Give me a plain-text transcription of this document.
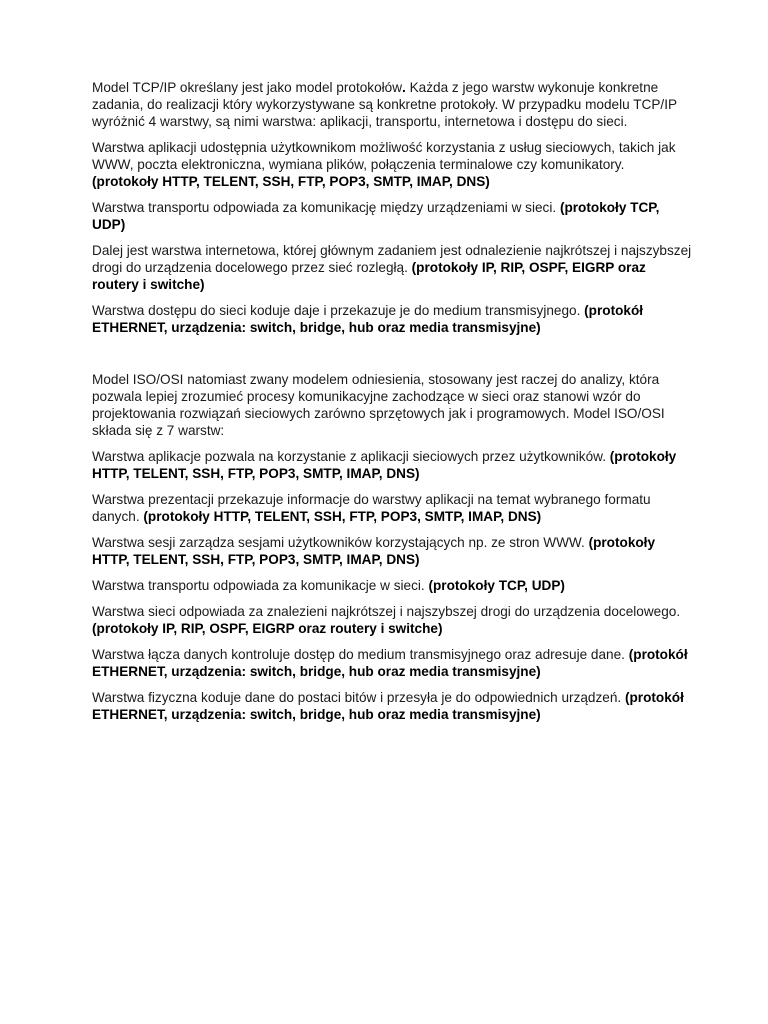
Model TCP/IP określany jest jako model protokołów. Każda z jego warstw wykonuje konkretne zadania, do realizacji który wykorzystywane są konkretne protokoły. W przypadku modelu TCP/IP wyróżnić 4 warstwy, są nimi warstwa: aplikacji, transportu, internetowa i dostępu do sieci.

Warstwa aplikacji udostępnia użytkownikom możliwość korzystania z usług sieciowych, takich jak WWW, poczta elektroniczna, wymiana plików, połączenia terminalowe czy komunikatory. (protokoły HTTP, TELENT, SSH, FTP, POP3, SMTP, IMAP, DNS)

Warstwa transportu odpowiada za komunikację między urządzeniami w sieci. (protokoły TCP, UDP)

Dalej jest warstwa internetowa, której głównym zadaniem jest odnalezienie najkrótszej i najszybszej drogi do urządzenia docelowego przez sieć rozległą. (protokoły IP, RIP, OSPF, EIGRP oraz routery i switche)

Warstwa dostępu do sieci koduje daje i przekazuje je do medium transmisyjnego. (protokół ETHERNET, urządzenia: switch, bridge, hub oraz media transmisyjne)

Model ISO/OSI natomiast zwany modelem odniesienia, stosowany jest raczej do analizy, która pozwala lepiej zrozumieć procesy komunikacyjne zachodzące w sieci oraz stanowi wzór do projektowania rozwiązań sieciowych zarówno sprzętowych jak i programowych. Model ISO/OSI składa się z 7 warstw:

Warstwa aplikacje pozwala na korzystanie z aplikacji sieciowych przez użytkowników. (protokoły HTTP, TELENT, SSH, FTP, POP3, SMTP, IMAP, DNS)

Warstwa prezentacji przekazuje informacje do warstwy aplikacji na temat wybranego formatu danych. (protokoły HTTP, TELENT, SSH, FTP, POP3, SMTP, IMAP, DNS)

Warstwa sesji zarządza sesjami użytkowników korzystających np. ze stron WWW. (protokoły HTTP, TELENT, SSH, FTP, POP3, SMTP, IMAP, DNS)

Warstwa transportu odpowiada za komunikacje w sieci. (protokoły TCP, UDP)

Warstwa sieci odpowiada za znalezieni najkrótszej i najszybszej drogi do urządzenia docelowego. (protokoły IP, RIP, OSPF, EIGRP oraz routery i switche)

Warstwa łącza danych kontroluje dostęp do medium transmisyjnego oraz adresuje dane. (protokół ETHERNET, urządzenia: switch, bridge, hub oraz media transmisyjne)

Warstwa fizyczna koduje dane do postaci bitów i przesyła je do odpowiednich urządzeń. (protokół ETHERNET, urządzenia: switch, bridge, hub oraz media transmisyjne)
